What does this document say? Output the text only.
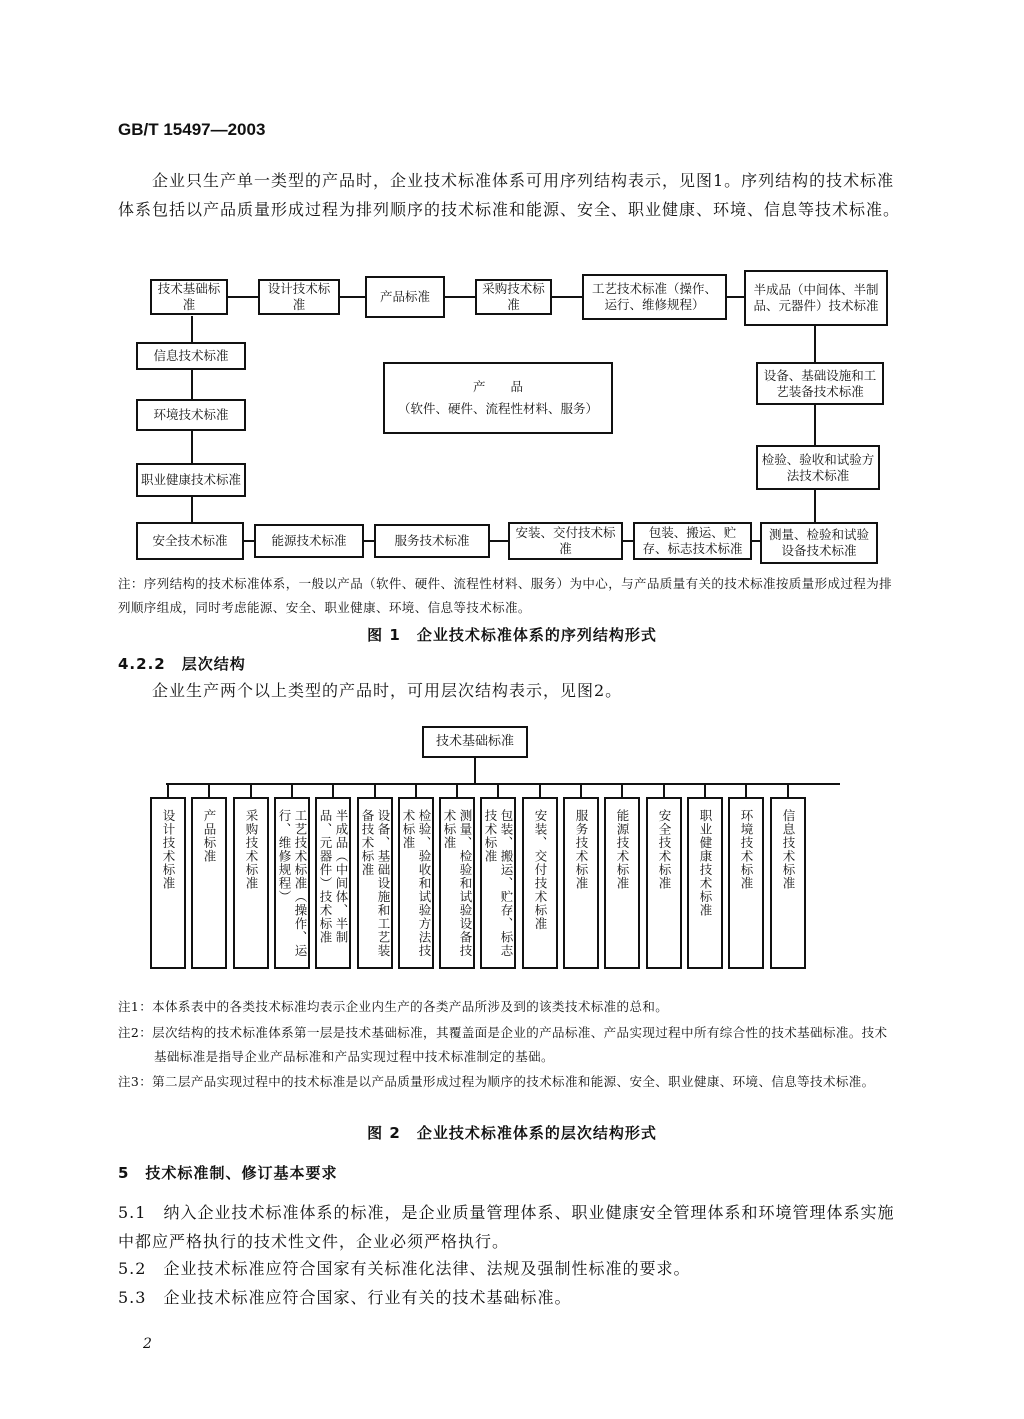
GB/T 15497—2003
企业只生产单一类型的产品时，企业技术标准体系可用序列结构表示，见图1。序列结构的技术标准体系包括以产品质量形成过程为排列顺序的技术标准和能源、安全、职业健康、环境、信息等技术标准。
技术基础标准
设计技术标准
产品标准
采购技术标准
工艺技术标准（操作、运行、维修规程）
半成品（中间体、半制品、元器件）技术标准
信息技术标准
环境技术标准
职业健康技术标准
产　　品
（软件、硬件、流程性材料、服务）
设备、基础设施和工艺装备技术标准
检验、验收和试验方法技术标准
安全技术标准	能源技术标准	服务技术标准
安装、交付技术标准
包装、搬运、贮存、标志技术标准
测量、检验和试验设备技术标准
注：序列结构的技术标准体系，一般以产品（软件、硬件、流程性材料、服务）为中心，与产品质量有关的技术标准按质量形成过程为排列顺序组成，同时考虑能源、安全、职业健康、环境、信息等技术标准。
图 1　企业技术标准体系的序列结构形式
4.2.2　层次结构
企业生产两个以上类型的产品时，可用层次结构表示，见图2。
技术基础标准
设计技术标准 产品标准 采购技术标准	工艺技术标准（操作、运行、维修规程）	半成品（中间体、半制品、元器件）技术标准	设备、基础设施和工艺装备技术标准	检验、验收和试验方法技术标准	测量、检验和试验设备技术标准	包装、搬运、贮存、标志技术标准	安装、交付技术标准 服务技术标准 能源技术标准 安全技术标准 职业健康技术标准 环境技术标准 信息技术标准
注1：本体系表中的各类技术标准均表示企业内生产的各类产品所涉及到的该类技术标准的总和。
注2：层次结构的技术标准体系第一层是技术基础标准，其覆盖面是企业的产品标准、产品实现过程中所有综合性的技术基础标准。技术基础标准是指导企业产品标准和产品实现过程中技术标准制定的基础。
注3：第二层产品实现过程中的技术标准是以产品质量形成过程为顺序的技术标准和能源、安全、职业健康、环境、信息等技术标准。
图 2　企业技术标准体系的层次结构形式
5　技术标准制、修订基本要求
5.1　纳入企业技术标准体系的标准，是企业质量管理体系、职业健康安全管理体系和环境管理体系实施中都应严格执行的技术性文件，企业必须严格执行。
5.2　企业技术标准应符合国家有关标准化法律、法规及强制性标准的要求。
5.3　企业技术标准应符合国家、行业有关的技术基础标准。
2
